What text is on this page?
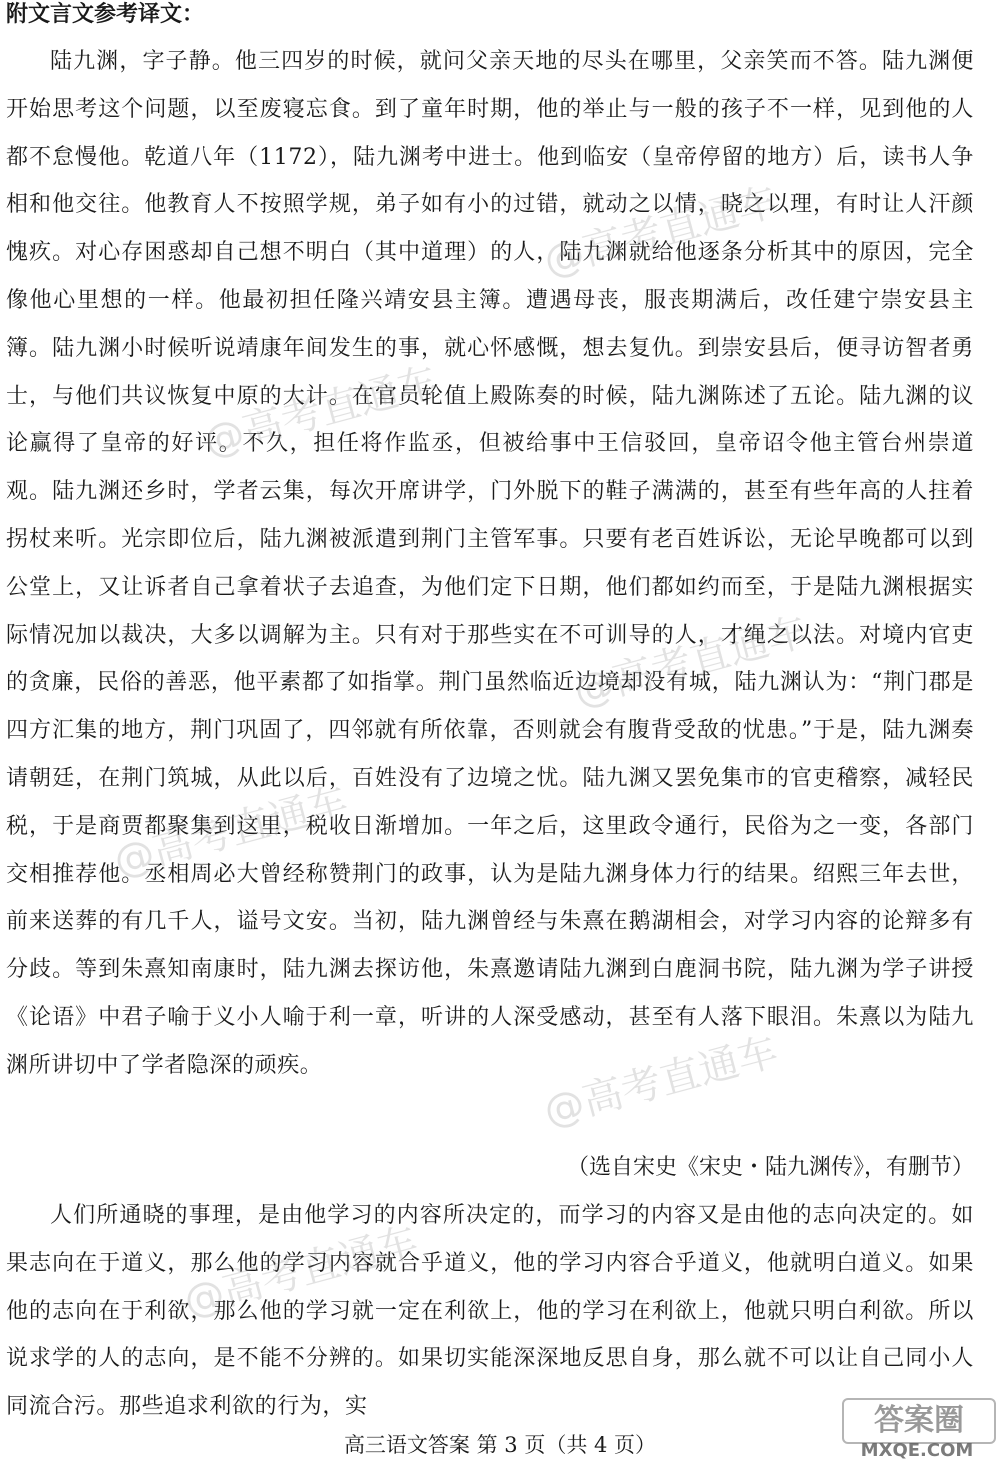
附文言文参考译文：

陆九渊，字子静。他三四岁的时候，就问父亲天地的尽头在哪里，父亲笑而不答。陆九渊便开始思考这个问题，以至废寝忘食。到了童年时期，他的举止与一般的孩子不一样，见到他的人都不怠慢他。乾道八年（1172），陆九渊考中进士。他到临安（皇帝停留的地方）后，读书人争相和他交往。他教育人不按照学规，弟子如有小的过错，就动之以情，晓之以理，有时让人汗颜愧疚。对心存困惑却自己想不明白（其中道理）的人，陆九渊就给他逐条分析其中的原因，完全像他心里想的一样。他最初担任隆兴靖安县主簿。遭遇母丧，服丧期满后，改任建宁崇安县主簿。陆九渊小时候听说靖康年间发生的事，就心怀感慨，想去复仇。到崇安县后，便寻访智者勇士，与他们共议恢复中原的大计。在官员轮值上殿陈奏的时候，陆九渊陈述了五论。陆九渊的议论赢得了皇帝的好评。不久，担任将作监丞，但被给事中王信驳回，皇帝诏令他主管台州崇道观。陆九渊还乡时，学者云集，每次开席讲学，门外脱下的鞋子满满的，甚至有些年高的人拄着拐杖来听。光宗即位后，陆九渊被派遣到荆门主管军事。只要有老百姓诉讼，无论早晚都可以到公堂上，又让诉者自己拿着状子去追查，为他们定下日期，他们都如约而至，于是陆九渊根据实际情况加以裁决，大多以调解为主。只有对于那些实在不可训导的人，才绳之以法。对境内官吏的贪廉，民俗的善恶，他平素都了如指掌。荆门虽然临近边境却没有城，陆九渊认为：“荆门郡是四方汇集的地方，荆门巩固了，四邻就有所依靠，否则就会有腹背受敌的忧患。”于是，陆九渊奏请朝廷，在荆门筑城，从此以后，百姓没有了边境之忧。陆九渊又罢免集市的官吏稽察，减轻民税，于是商贾都聚集到这里，税收日渐增加。一年之后，这里政令通行，民俗为之一变，各部门交相推荐他。丞相周必大曾经称赞荆门的政事，认为是陆九渊身体力行的结果。绍熙三年去世，前来送葬的有几千人，谥号文安。当初，陆九渊曾经与朱熹在鹅湖相会，对学习内容的论辩多有分歧。等到朱熹知南康时，陆九渊去探访他，朱熹邀请陆九渊到白鹿洞书院，陆九渊为学子讲授《论语》中君子喻于义小人喻于利一章，听讲的人深受感动，甚至有人落下眼泪。朱熹以为陆九渊所讲切中了学者隐深的顽疾。

（选自宋史《宋史・陆九渊传》，有删节）

人们所通晓的事理，是由他学习的内容所决定的，而学习的内容又是由他的志向决定的。如果志向在于道义，那么他的学习内容就合乎道义，他的学习内容合乎道义，他就明白道义。如果他的志向在于利欲，那么他的学习就一定在利欲上，他的学习在利欲上，他就只明白利欲。所以说求学的人的志向，是不能不分辨的。如果切实能深深地反思自身，那么就不可以让自己同小人同流合污。那些追求利欲的行为，实

高三语文答案 第 3 页（共 4 页）

@高考直通车
@高考直通车
@高考直通车
@高考直通车
@高考直通车
@高考直通车
答案圈
MXQE.COM
